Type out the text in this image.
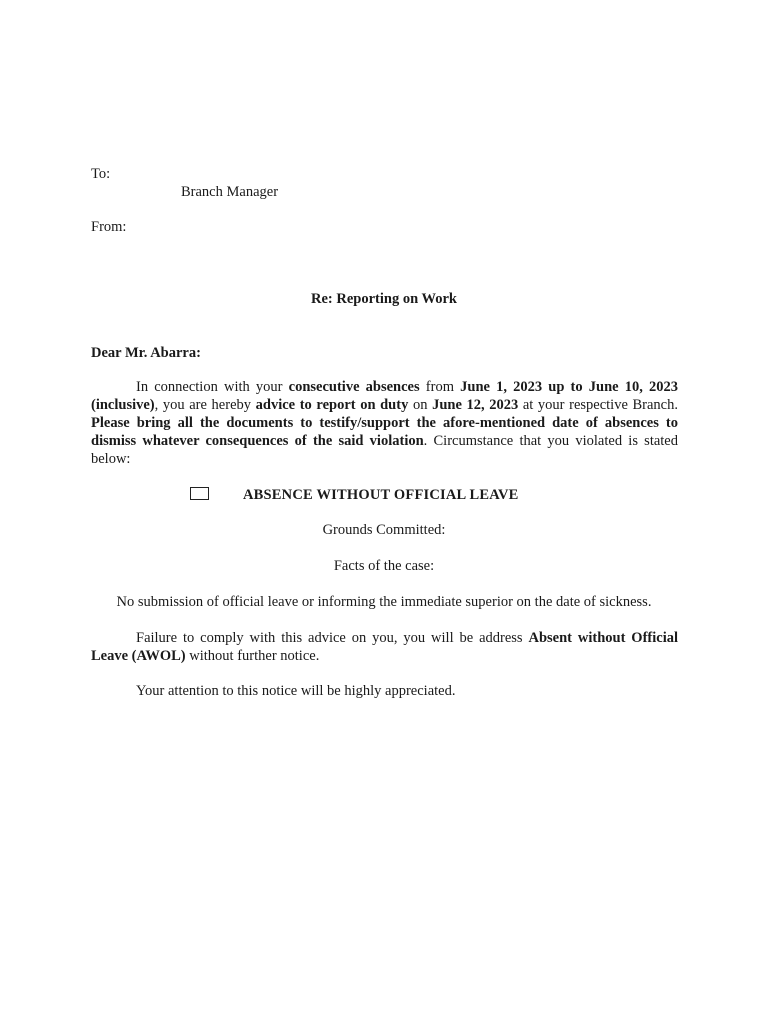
To:

Branch Manager

From:

Re: Reporting on Work

Dear Mr. Abarra:

In connection with your consecutive absences from June 1, 2023 up to June 10, 2023 (inclusive), you are hereby advice to report on duty on June 12, 2023 at your respective Branch. Please bring all the documents to testify/support the afore-mentioned date of absences to dismiss whatever consequences of the said violation. Circumstance that you violated is stated below:

ABSENCE WITHOUT OFFICIAL LEAVE

Grounds Committed:

Facts of the case:

No submission of official leave or informing the immediate superior on the date of sickness.

Failure to comply with this advice on you, you will be address Absent without Official Leave (AWOL) without further notice.

Your attention to this notice will be highly appreciated.
